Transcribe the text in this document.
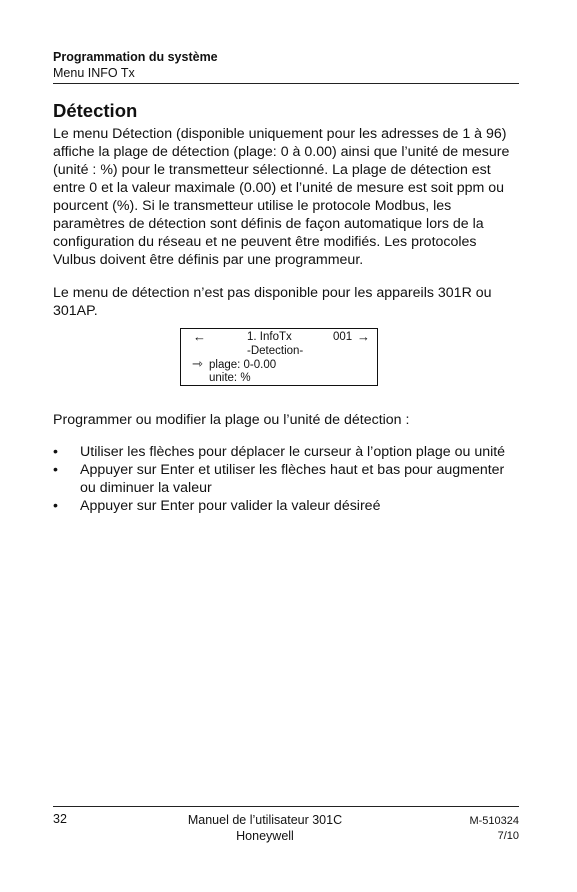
Programmation du système
Menu INFO Tx
Détection

Le menu Détection (disponible uniquement pour les adresses de 1 à 96) affiche la plage de détection (plage: 0 à 0.00) ainsi que l’unité de mesure (unité : %) pour le transmetteur sélectionné. La plage de détection est entre 0 et la valeur maximale (0.00) et l’unité de mesure est soit ppm ou pourcent (%). Si le transmetteur utilise le protocole Modbus, les paramètres de détection sont définis de façon automatique lors de la configuration du réseau et ne peuvent être modifiés. Les protocoles Vulbus doivent être définis par une programmeur.

Le menu de détection n’est pas disponible pour les appareils 301R ou 301AP.

←	1. InfoTx	001 →
-Detection-
⇾ plage: 0-0.00
unite: %

Programmer ou modifier la plage ou l’unité de détection :

• Utiliser les flèches pour déplacer le curseur à l’option plage ou unité
• Appuyer sur Enter et utiliser les flèches haut et bas pour augmenter ou diminuer la valeur
• Appuyer sur Enter pour valider la valeur désireé
32	Manuel de l’utilisateur 301C
Honeywell
M-510324
7/10
